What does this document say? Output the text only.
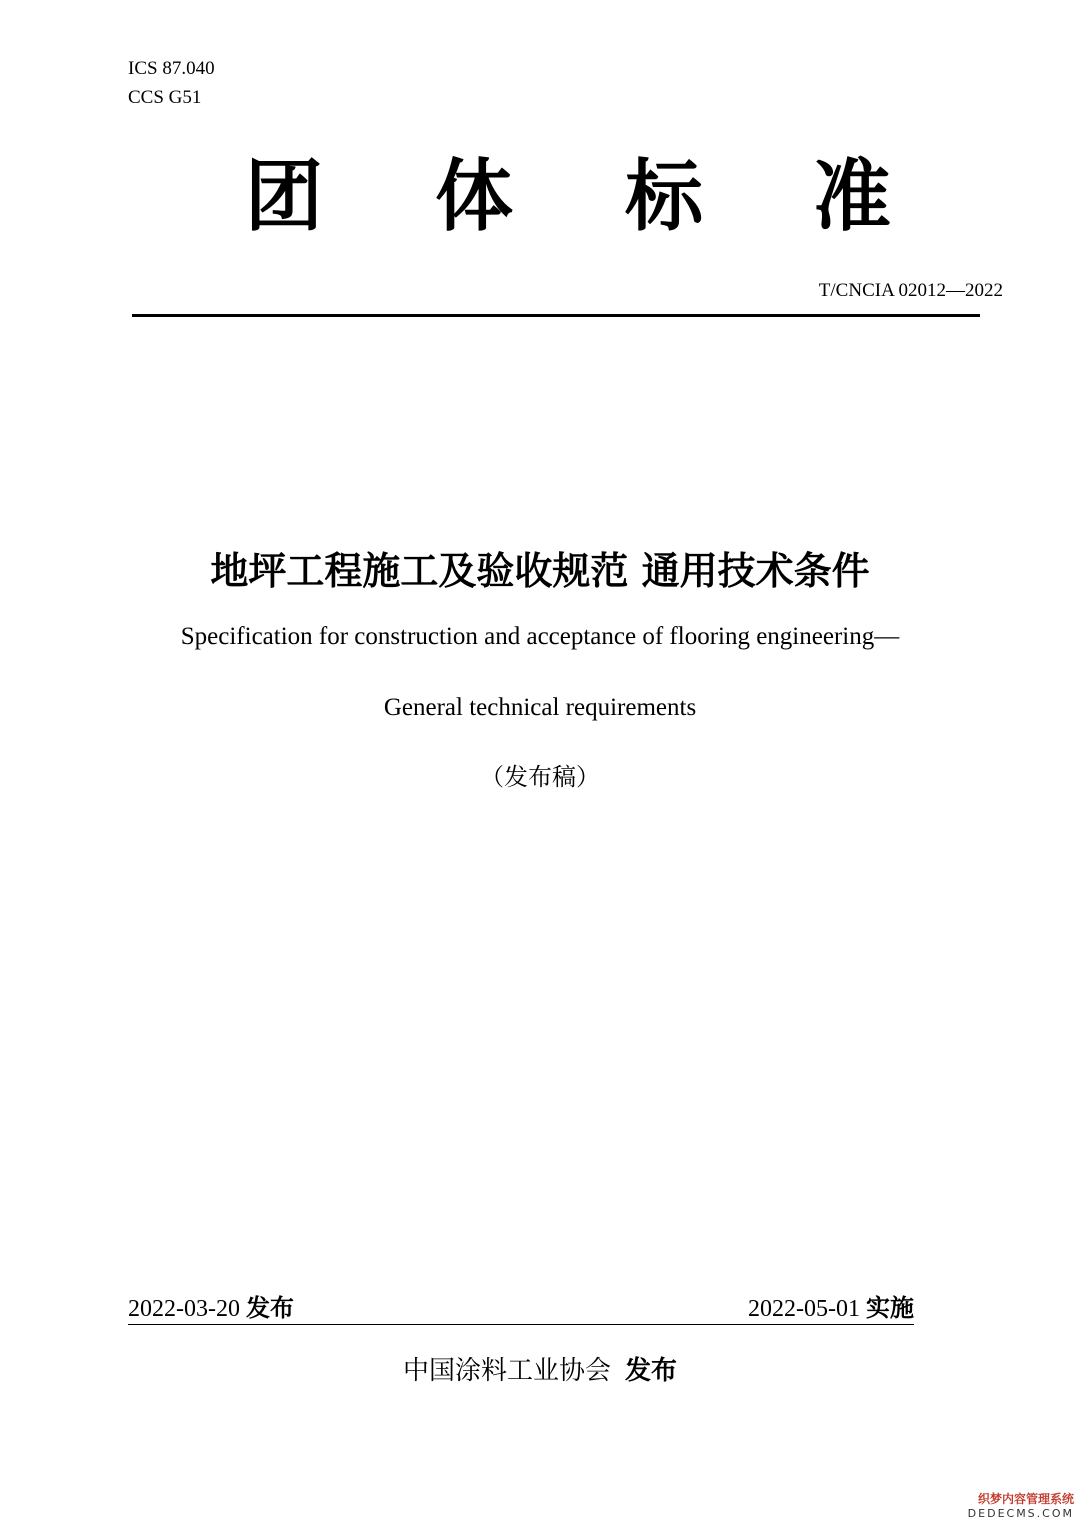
ICS 87.040
CCS G51
团 体 标 准
T/CNCIA 02012—2022
地坪工程施工及验收规范 通用技术条件
Specification for construction and acceptance of flooring engineering—
General technical requirements
（发布稿）
2022-03-20 发布	2022-05-01 实施
中国涂料工业协会 发布
织梦内容管理系统
DEDECMS.COM
